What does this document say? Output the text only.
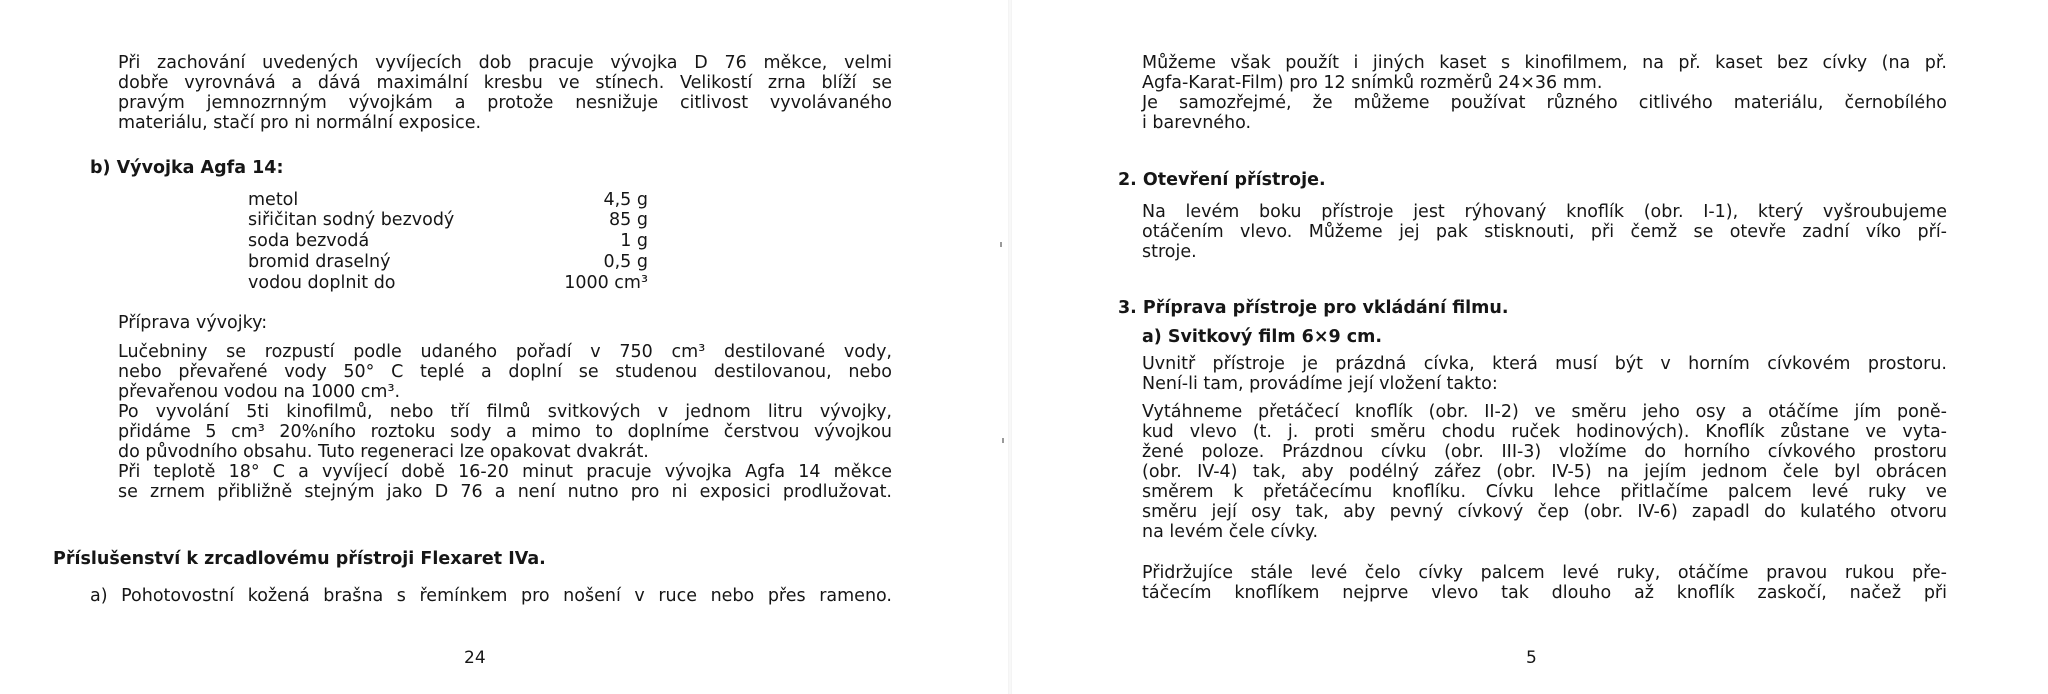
Při zachování uvedených vyvíjecích dob pracuje vývojka D 76 měkce, velmi
dobře vyrovnává a dává maximální kresbu ve stínech. Velikostí zrna blíží se
pravým jemnozrnným vývojkám a protože nesnižuje citlivost vyvolávaného
materiálu, stačí pro ni normální exposice.
b) Vývojka Agfa 14:
metol	4,5 g
siřičitan sodný bezvodý	85 g
soda bezvodá	1 g
bromid draselný	0,5 g
vodou doplnit do	1000 cm³
Příprava vývojky:
Lučebniny se rozpustí podle udaného pořadí v 750 cm³ destilované vody,
nebo převařené vody 50° C teplé a doplní se studenou destilovanou, nebo
převařenou vodou na 1000 cm³.
Po vyvolání 5ti kinofilmů, nebo tří filmů svitkových v jednom litru vývojky,
přidáme 5 cm³ 20%ního roztoku sody a mimo to doplníme čerstvou vývojkou
do původního obsahu. Tuto regeneraci lze opakovat dvakrát.
Při teplotě 18° C a vyvíjecí době 16-20 minut pracuje vývojka Agfa 14 měkce
se zrnem přibližně stejným jako D 76 a není nutno pro ni exposici prodlužovat.
Příslušenství k zrcadlovému přístroji Flexaret IVa.
a) Pohotovostní kožená brašna s řemínkem pro nošení v ruce nebo přes rameno.
24
Můžeme však použít i jiných kaset s kinofilmem, na př. kaset bez cívky (na př.
Agfa-Karat-Film) pro 12 snímků rozměrů 24×36 mm.
Je samozřejmé, že můžeme používat různého citlivého materiálu, černobílého
i barevného.
2. Otevření přístroje.
Na levém boku přístroje jest rýhovaný knoflík (obr. I-1), který vyšroubujeme
otáčením vlevo. Můžeme jej pak stisknouti, při čemž se otevře zadní víko pří-
stroje.
3. Příprava přístroje pro vkládání filmu.
a) Svitkový film 6×9 cm.
Uvnitř přístroje je prázdná cívka, která musí být v horním cívkovém prostoru.
Není-li tam, provádíme její vložení takto:
Vytáhneme přetáčecí knoflík (obr. II-2) ve směru jeho osy a otáčíme jím poně-
kud vlevo (t. j. proti směru chodu ruček hodinových). Knoflík zůstane ve vyta-
žené poloze. Prázdnou cívku (obr. III-3) vložíme do horního cívkového prostoru
(obr. IV-4) tak, aby podélný zářez (obr. IV-5) na jejím jednom čele byl obrácen
směrem k přetáčecímu knoflíku. Cívku lehce přitlačíme palcem levé ruky ve
směru její osy tak, aby pevný cívkový čep (obr. IV-6) zapadl do kulatého otvoru
na levém čele cívky.
Přidržujíce stále levé čelo cívky palcem levé ruky, otáčíme pravou rukou pře-
táčecím knoflíkem nejprve vlevo tak dlouho až knoflík zaskočí, načež při
5
